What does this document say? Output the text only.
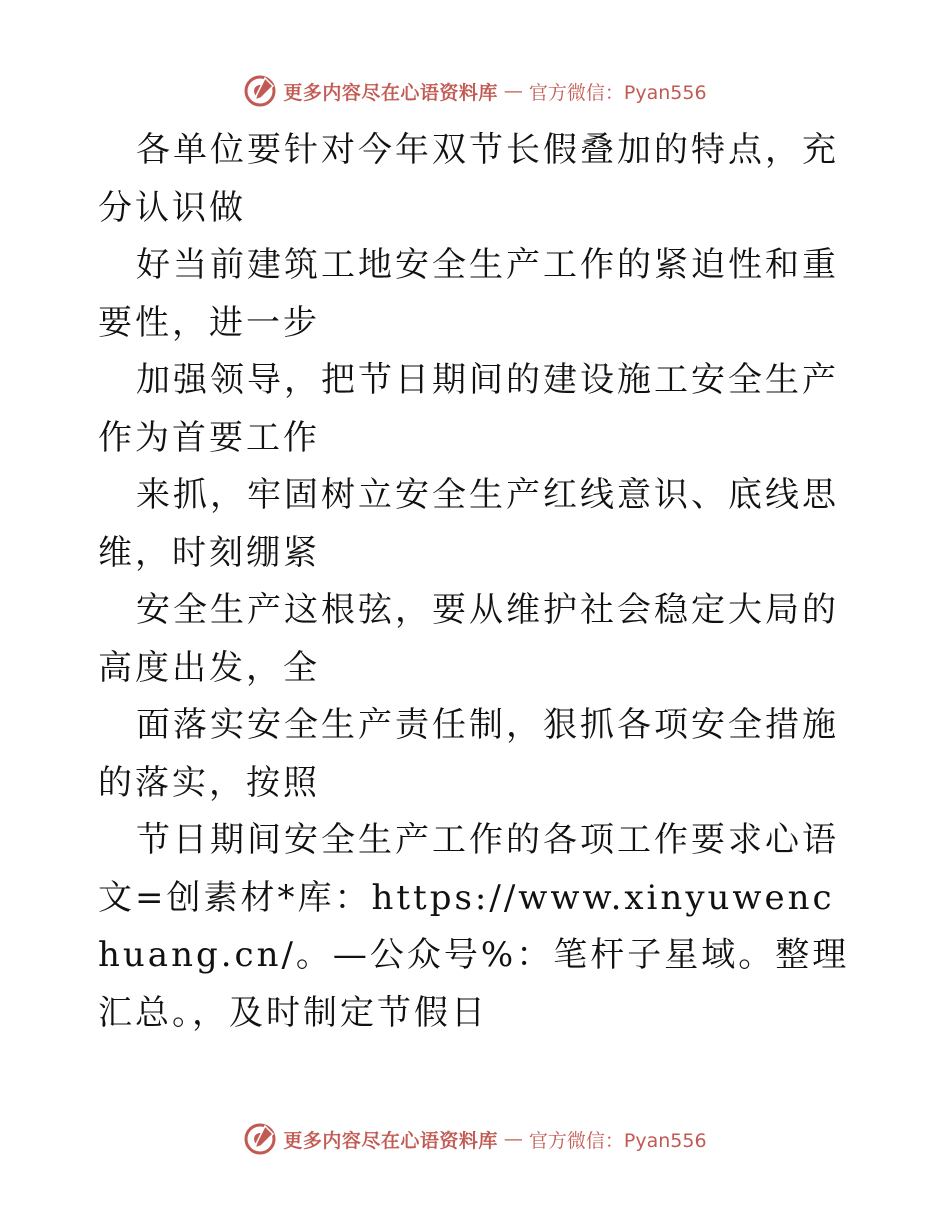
更多内容尽在心语资料库 — 官方微信：Pyan556

各单位要针对今年双节长假叠加的特点，充分认识做

好当前建筑工地安全生产工作的紧迫性和重要性，进一步

加强领导，把节日期间的建设施工安全生产作为首要工作

来抓，牢固树立安全生产红线意识、底线思维，时刻绷紧

安全生产这根弦，要从维护社会稳定大局的高度出发，全

面落实安全生产责任制，狠抓各项安全措施的落实，按照

节日期间安全生产工作的各项工作要求心语文=创素材*库：https://www.xinyuwenchuang.cn/。—公众号%：笔杆子星域。整理汇总。，及时制定节假日

更多内容尽在心语资料库 — 官方微信：Pyan556
